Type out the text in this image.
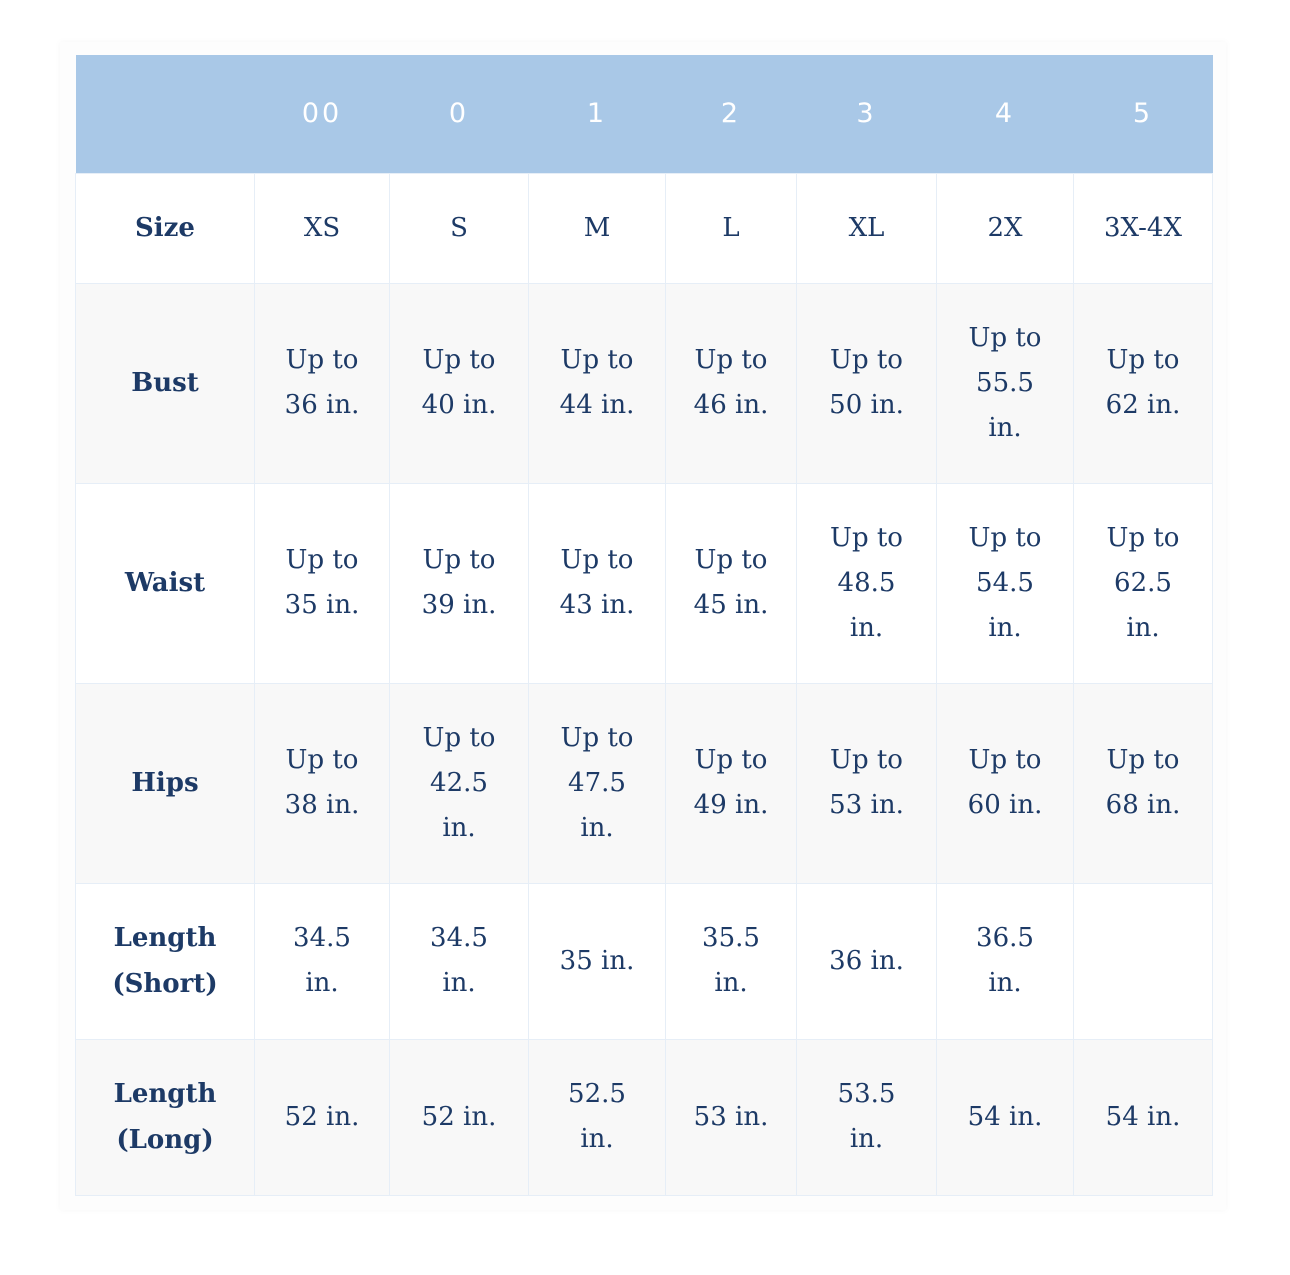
	00	0	1	2	3	4	5
Size	XS	S	M	L	XL	2X	3X-4X

Bust	Up to 36 in.	Up to 40 in.	Up to 44 in.	Up to 46 in.	Up to 50 in.	Up to 55.5 in.	Up to 62 in.

Waist	Up to 35 in.	Up to 39 in.	Up to 43 in.	Up to 45 in.	Up to 48.5 in.	Up to 54.5 in.	Up to 62.5 in.

Hips	Up to 38 in.	Up to 42.5 in.	Up to 47.5 in.	Up to 49 in.	Up to 53 in.	Up to 60 in.	Up to 68 in.

Length (Short)	34.5 in.	34.5 in.	35 in.	35.5 in.	36 in.	36.5 in.	

Length (Long)	52 in.	52 in.	52.5 in.	53 in.	53.5 in.	54 in.	54 in.
